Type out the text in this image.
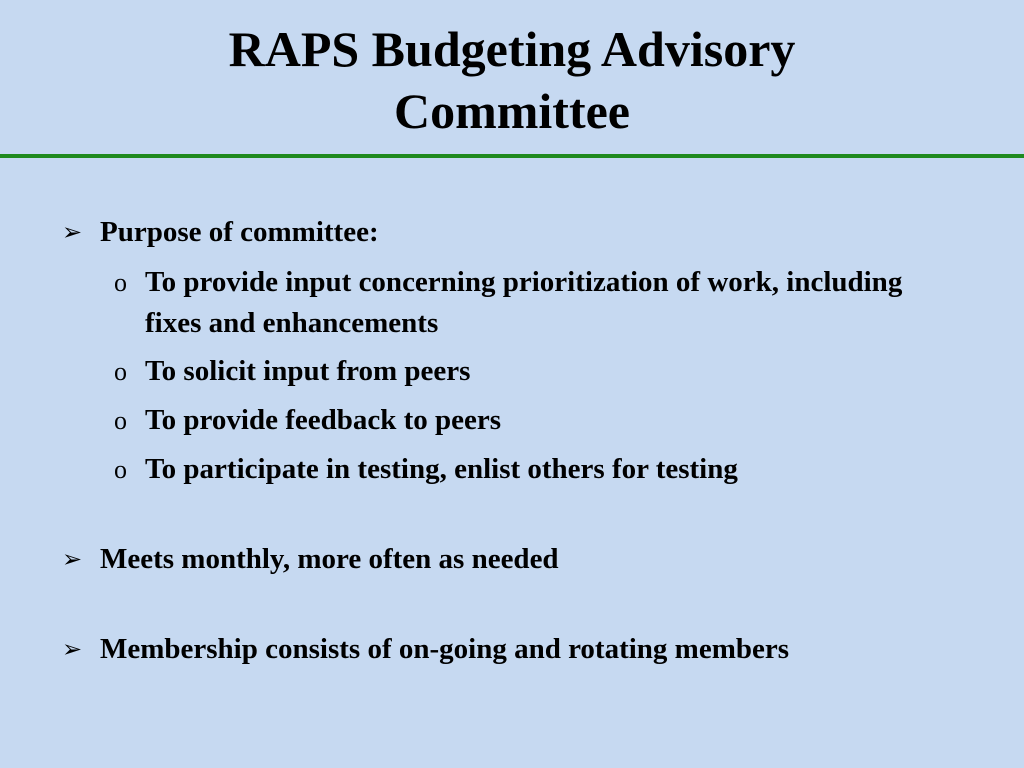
RAPS Budgeting Advisory
Committee
➢ Purpose of committee:
o To provide input concerning prioritization of work, including fixes and enhancements
o To solicit input from peers
o To provide feedback to peers
o To participate in testing, enlist others for testing
➢ Meets monthly, more often as needed
➢ Membership consists of on-going and rotating members
